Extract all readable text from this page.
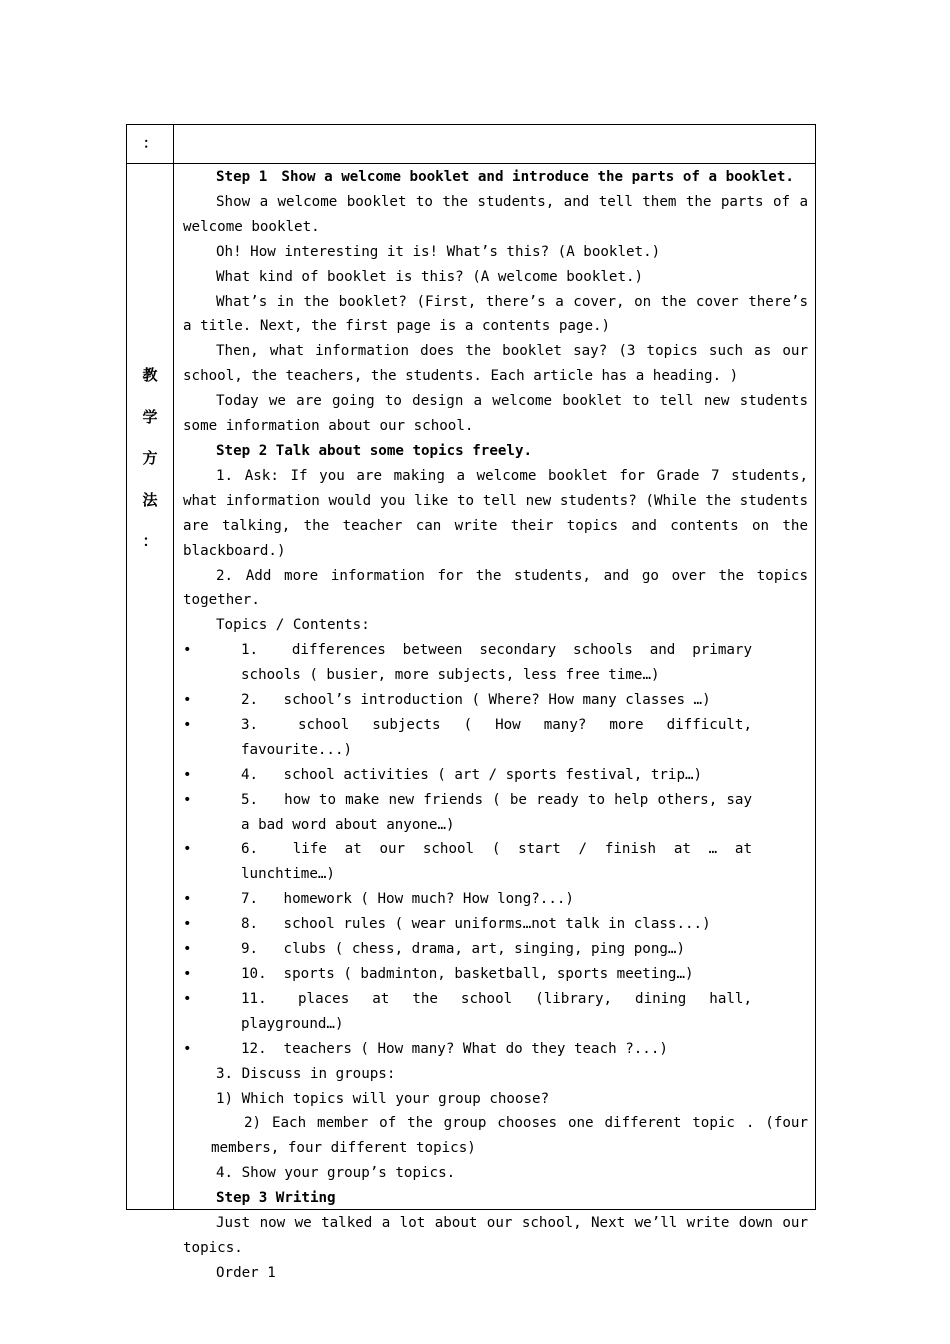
：
教
学
方
法
：

Step 1　Show a welcome booklet and introduce the parts of a booklet.

Show a welcome booklet to the students, and tell them the parts of a welcome booklet.

Oh! How interesting it is! What’s this? (A booklet.)

What kind of booklet is this? (A welcome booklet.)

What’s in the booklet? (First, there’s a cover, on the cover there’s a title. Next, the first page is a contents page.)

Then, what information does the booklet say? (3 topics such as our school, the teachers, the students. Each article has a heading. )

Today we are going to design a welcome booklet to tell new students some information about our school.

Step 2 Talk about some topics freely.

1. Ask: If you are making a welcome booklet for Grade 7 students, what information would you like to tell new students? (While the students are talking, the teacher can write their topics and contents on the blackboard.)

2. Add more information for the students, and go over the topics together.

Topics / Contents:

•	1. differences between secondary schools and primary schools ( busier, more subjects, less free time…)
•	2. school’s introduction ( Where? How many classes …)
•	3.	school subjects ( How many? more difficult, favourite...)
•	4. school activities ( art / sports festival, trip…)
•	5. how to make new friends ( be ready to help others, say a bad word about anyone…)
•	6. life at our school ( start / finish at … at lunchtime…)
•	7. homework ( How much? How long?...)
•	8. school rules ( wear uniforms…not talk in class...)
•	9. clubs ( chess, drama, art, singing, ping pong…)
•	10. sports ( badminton, basketball, sports meeting…)
•	11. places at the school (library, dining hall, playground…)
•	12. teachers ( How many? What do they teach ?...)

3. Discuss in groups:

1) Which topics will your group choose?

2) Each member of the group chooses one different topic . (four members, four different topics)

4. Show your group’s topics.

Step 3 Writing

Just now we talked a lot about our school, Next we’ll write down our topics.

Order 1
